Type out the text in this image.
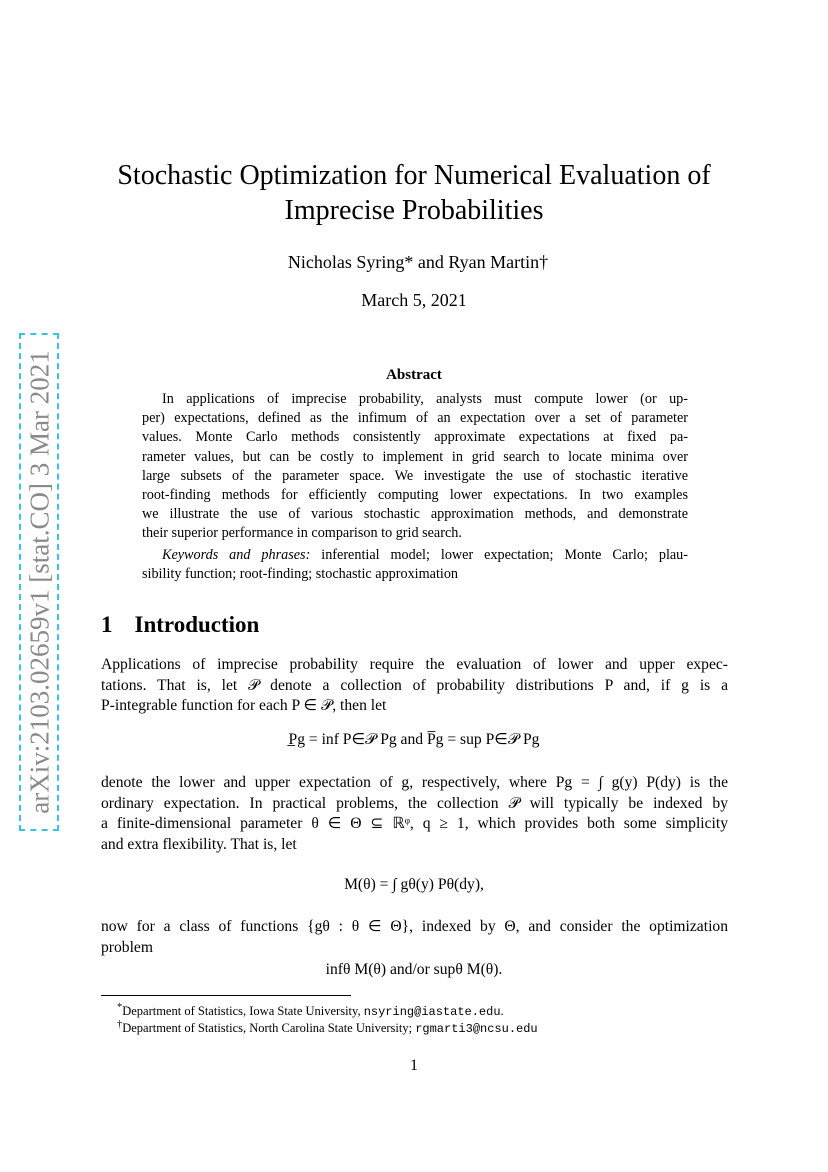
arXiv:2103.02659v1 [stat.CO] 3 Mar 2021
Stochastic Optimization for Numerical Evaluation of
Imprecise Probabilities
Nicholas Syring* and Ryan Martin†
March 5, 2021
Abstract
In applications of imprecise probability, analysts must compute lower (or up-
per) expectations, defined as the infimum of an expectation over a set of parameter
values. Monte Carlo methods consistently approximate expectations at fixed pa-
rameter values, but can be costly to implement in grid search to locate minima over
large subsets of the parameter space. We investigate the use of stochastic iterative
root-finding methods for efficiently computing lower expectations. In two examples
we illustrate the use of various stochastic approximation methods, and demonstrate
their superior performance in comparison to grid search.
Keywords and phrases: inferential model; lower expectation; Monte Carlo; plau-
sibility function; root-finding; stochastic approximation
1 Introduction
Applications of imprecise probability require the evaluation of lower and upper expec-
tations. That is, let 𝒫 denote a collection of probability distributions P and, if g is a
P-integrable function for each P ∈ 𝒫, then let
P̲g = inf P∈𝒫 Pg and P̅g = sup P∈𝒫 Pg
denote the lower and upper expectation of g, respectively, where Pg = ∫ g(y) P(dy) is the
ordinary expectation. In practical problems, the collection 𝒫 will typically be indexed by
a finite-dimensional parameter θ ∈ Θ ⊆ ℝᵠ, q ≥ 1, which provides both some simplicity
and extra flexibility. That is, let
M(θ) = ∫ gθ(y) Pθ(dy),
now for a class of functions {gθ : θ ∈ Θ}, indexed by Θ, and consider the optimization
problem
infθ M(θ) and/or supθ M(θ).
*Department of Statistics, Iowa State University, nsyring@iastate.edu.
†Department of Statistics, North Carolina State University; rgmarti3@ncsu.edu
1
